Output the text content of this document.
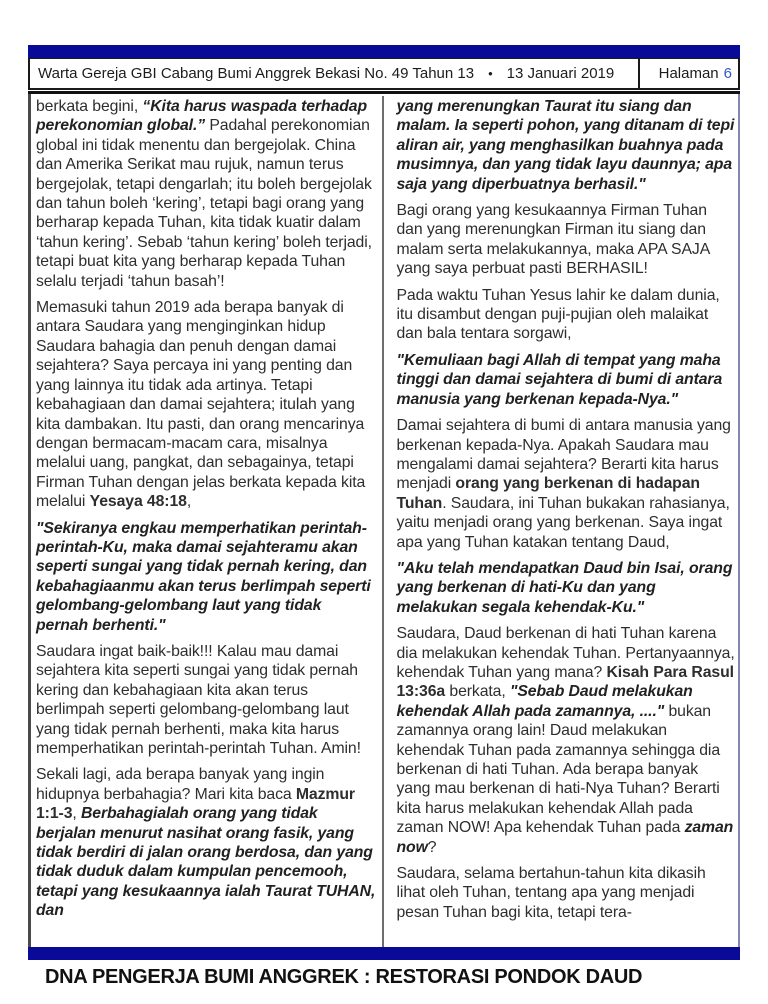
Warta Gereja GBI Cabang Bumi Anggrek Bekasi No. 49 Tahun 13 • 13 Januari 2019	Halaman 6

berkata begini, “Kita harus waspada terhadap perekonomian global.” Padahal perekonomian global ini tidak menentu dan bergejolak. China dan Amerika Serikat mau rujuk, namun terus bergejolak, tetapi dengarlah; itu boleh bergejolak dan tahun boleh ‘kering’, tetapi bagi orang yang berharap kepada Tuhan, kita tidak kuatir dalam ‘tahun kering’. Sebab ‘tahun kering’ boleh terjadi, tetapi buat kita yang berharap kepada Tuhan selalu terjadi ‘tahun basah’!

Memasuki tahun 2019 ada berapa banyak di antara Saudara yang menginginkan hidup Saudara bahagia dan penuh dengan damai sejahtera? Saya percaya ini yang penting dan yang lainnya itu tidak ada artinya. Tetapi kebahagiaan dan damai sejahtera; itulah yang kita dambakan. Itu pasti, dan orang mencarinya dengan bermacam-macam cara, misalnya melalui uang, pangkat, dan sebagainya, tetapi Firman Tuhan dengan jelas berkata kepada kita melalui Yesaya 48:18,

"Sekiranya engkau memperhatikan perintah-perintah-Ku, maka damai sejahteramu akan seperti sungai yang tidak pernah kering, dan kebahagiaanmu akan terus berlimpah seperti gelombang-gelombang laut yang tidak pernah berhenti."

Saudara ingat baik-baik!!! Kalau mau damai sejahtera kita seperti sungai yang tidak pernah kering dan kebahagiaan kita akan terus berlimpah seperti gelombang-gelombang laut yang tidak pernah berhenti, maka kita harus memperhatikan perintah-perintah Tuhan. Amin!

Sekali lagi, ada berapa banyak yang ingin hidupnya berbahagia? Mari kita baca Mazmur 1:1-3, Berbahagialah orang yang tidak berjalan menurut nasihat orang fasik, yang tidak berdiri di jalan orang berdosa, dan yang tidak duduk dalam kumpulan pencemooh, tetapi yang kesukaannya ialah Taurat TUHAN, dan

yang merenungkan Taurat itu siang dan malam. Ia seperti pohon, yang ditanam di tepi aliran air, yang menghasilkan buahnya pada musimnya, dan yang tidak layu daunnya; apa saja yang diperbuatnya berhasil."

Bagi orang yang kesukaannya Firman Tuhan dan yang merenungkan Firman itu siang dan malam serta melakukannya, maka APA SAJA yang saya perbuat pasti BERHASIL!

Pada waktu Tuhan Yesus lahir ke dalam dunia, itu disambut dengan puji-pujian oleh malaikat dan bala tentara sorgawi,

"Kemuliaan bagi Allah di tempat yang maha tinggi dan damai sejahtera di bumi di antara manusia yang berkenan kepada-Nya."

Damai sejahtera di bumi di antara manusia yang berkenan kepada-Nya. Apakah Saudara mau mengalami damai sejahtera? Berarti kita harus menjadi orang yang berkenan di hadapan Tuhan. Saudara, ini Tuhan bukakan rahasianya, yaitu menjadi orang yang berkenan. Saya ingat apa yang Tuhan katakan tentang Daud,

"Aku telah mendapatkan Daud bin Isai, orang yang berkenan di hati-Ku dan yang melakukan segala kehendak-Ku."

Saudara, Daud berkenan di hati Tuhan karena dia melakukan kehendak Tuhan. Pertanyaannya, kehendak Tuhan yang mana? Kisah Para Rasul 13:36a berkata, "Sebab Daud melakukan kehendak Allah pada zamannya, ...." bukan zamannya orang lain! Daud melakukan kehendak Tuhan pada zamannya sehingga dia berkenan di hati Tuhan. Ada berapa banyak yang mau berkenan di hati-Nya Tuhan? Berarti kita harus melakukan kehendak Allah pada zaman NOW! Apa kehendak Tuhan pada zaman now?

Saudara, selama bertahun-tahun kita dikasih lihat oleh Tuhan, tentang apa yang menjadi pesan Tuhan bagi kita, tetapi tera-

DNA PENGERJA BUMI ANGGREK : RESTORASI PONDOK DAUD
